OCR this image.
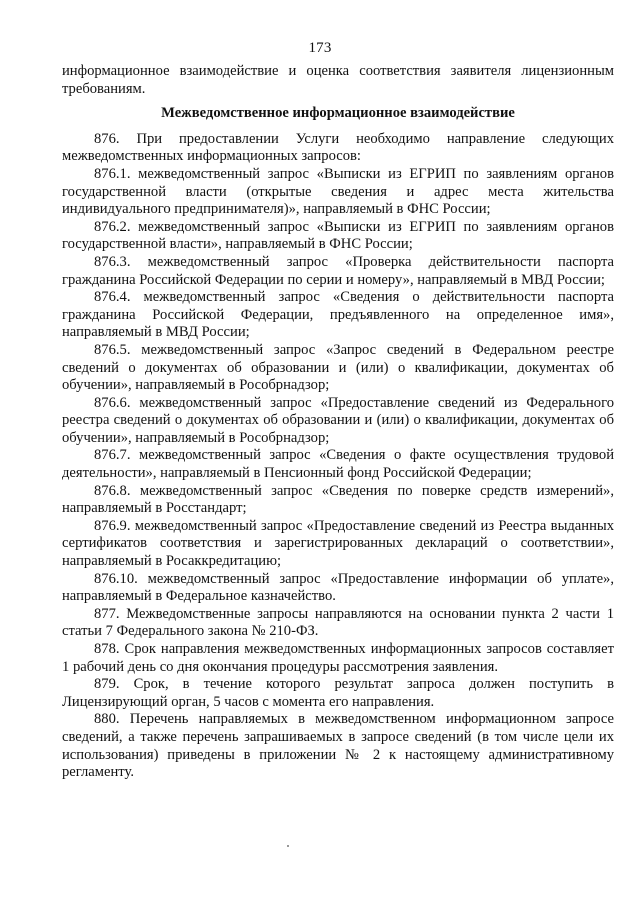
173

информационное взаимодействие и оценка соответствия заявителя лицензионным требованиям.

Межведомственное информационное взаимодействие

876. При предоставлении Услуги необходимо направление следующих межведомственных информационных запросов:

876.1. межведомственный запрос «Выписки из ЕГРИП по заявлениям органов государственной власти (открытые сведения и адрес места жительства индивидуального предпринимателя)», направляемый в ФНС России;

876.2. межведомственный запрос «Выписки из ЕГРИП по заявлениям органов государственной власти», направляемый в ФНС России;

876.3. межведомственный запрос «Проверка действительности паспорта гражданина Российской Федерации по серии и номеру», направляемый в МВД России;

876.4. межведомственный запрос «Сведения о действительности паспорта гражданина Российской Федерации, предъявленного на определенное имя», направляемый в МВД России;

876.5. межведомственный запрос «Запрос сведений в Федеральном реестре сведений о документах об образовании и (или) о квалификации, документах об обучении», направляемый в Рособрнадзор;

876.6. межведомственный запрос «Предоставление сведений из Федерального реестра сведений о документах об образовании и (или) о квалификации, документах об обучении», направляемый в Рособрнадзор;

876.7. межведомственный запрос «Сведения о факте осуществления трудовой деятельности», направляемый в Пенсионный фонд Российской Федерации;

876.8. межведомственный запрос «Сведения по поверке средств измерений», направляемый в Росстандарт;

876.9. межведомственный запрос «Предоставление сведений из Реестра выданных сертификатов соответствия и зарегистрированных деклараций о соответствии», направляемый в Росаккредитацию;

876.10. межведомственный запрос «Предоставление информации об уплате», направляемый в Федеральное казначейство.

877. Межведомственные запросы направляются на основании пункта 2 части 1 статьи 7 Федерального закона № 210-ФЗ.

878. Срок направления межведомственных информационных запросов составляет 1 рабочий день со дня окончания процедуры рассмотрения заявления.

879. Срок, в течение которого результат запроса должен поступить в Лицензирующий орган, 5 часов с момента его направления.

880. Перечень направляемых в межведомственном информационном запросе сведений, а также перечень запрашиваемых в запросе сведений (в том числе цели их использования) приведены в приложении № 2 к настоящему административному регламенту.
